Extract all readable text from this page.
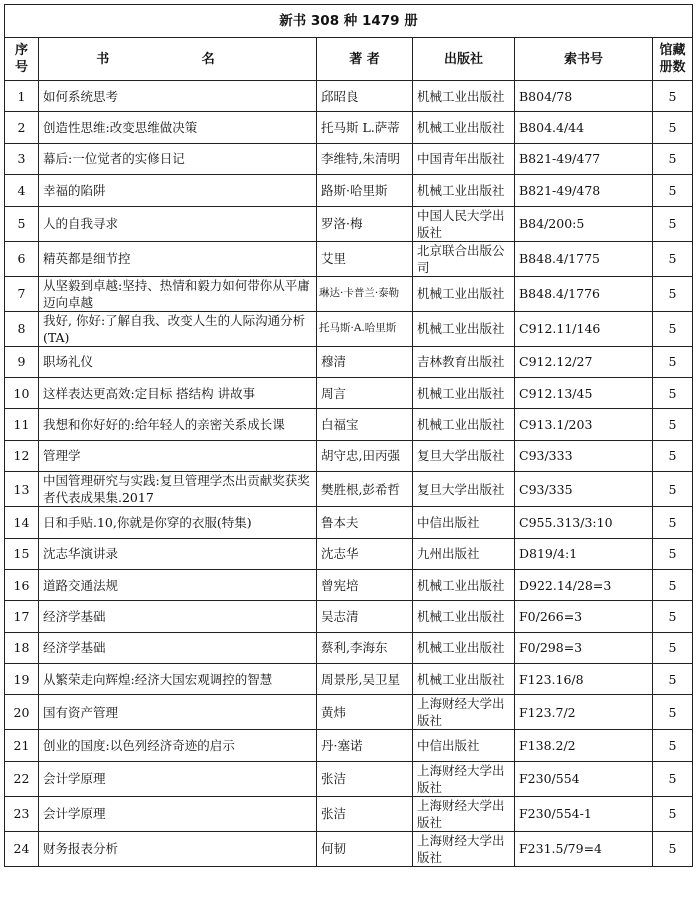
新书 308 种 1479 册					
序号	书 名	著 者	出版社	索书号	馆藏册数
1	如何系统思考	邱昭良	机械工业出版社	B804/78	5
2	创造性思维:改变思维做决策	托马斯 L.萨蒂	机械工业出版社	B804.4/44	5
3	幕后:一位觉者的实修日记	李维特,朱清明	中国青年出版社	B821-49/477	5
4	幸福的陷阱	路斯·哈里斯	机械工业出版社	B821-49/478	5
5	人的自我寻求	罗洛·梅	中国人民大学出版社	B84/200:5	5
6	精英都是细节控	艾里	北京联合出版公司	B848.4/1775	5
7	从坚毅到卓越:坚持、热情和毅力如何带你从平庸迈向卓越	琳达·卡普兰·泰勒	机械工业出版社	B848.4/1776	5
8	我好, 你好:了解自我、改变人生的人际沟通分析 (TA)	托马斯·A.哈里斯	机械工业出版社	C912.11/146	5
9	职场礼仪	穆清	吉林教育出版社	C912.12/27	5
10	这样表达更高效:定目标 搭结构 讲故事	周言	机械工业出版社	C912.13/45	5
11	我想和你好好的:给年轻人的亲密关系成长课	白福宝	机械工业出版社	C913.1/203	5
12	管理学	胡守忠,田丙强	复旦大学出版社	C93/333	5
13	中国管理研究与实践:复旦管理学杰出贡献奖获奖者代表成果集.2017	樊胜根,彭希哲	复旦大学出版社	C93/335	5
14	日和手贴.10,你就是你穿的衣服(特集)	鲁本夫	中信出版社	C955.313/3:10	5
15	沈志华演讲录	沈志华	九州出版社	D819/4:1	5
16	道路交通法规	曾宪培	机械工业出版社	D922.14/28=3	5
17	经济学基础	吴志清	机械工业出版社	F0/266=3	5
18	经济学基础	蔡利,李海东	机械工业出版社	F0/298=3	5
19	从繁荣走向辉煌:经济大国宏观调控的智慧	周景彤,吴卫星	机械工业出版社	F123.16/8	5
20	国有资产管理	黄炜	上海财经大学出版社	F123.7/2	5
21	创业的国度:以色列经济奇迹的启示	丹·塞诺	中信出版社	F138.2/2	5
22	会计学原理	张洁	上海财经大学出版社	F230/554	5
23	会计学原理	张洁	上海财经大学出版社	F230/554-1	5
24	财务报表分析	何韧	上海财经大学出版社	F231.5/79=4	5
